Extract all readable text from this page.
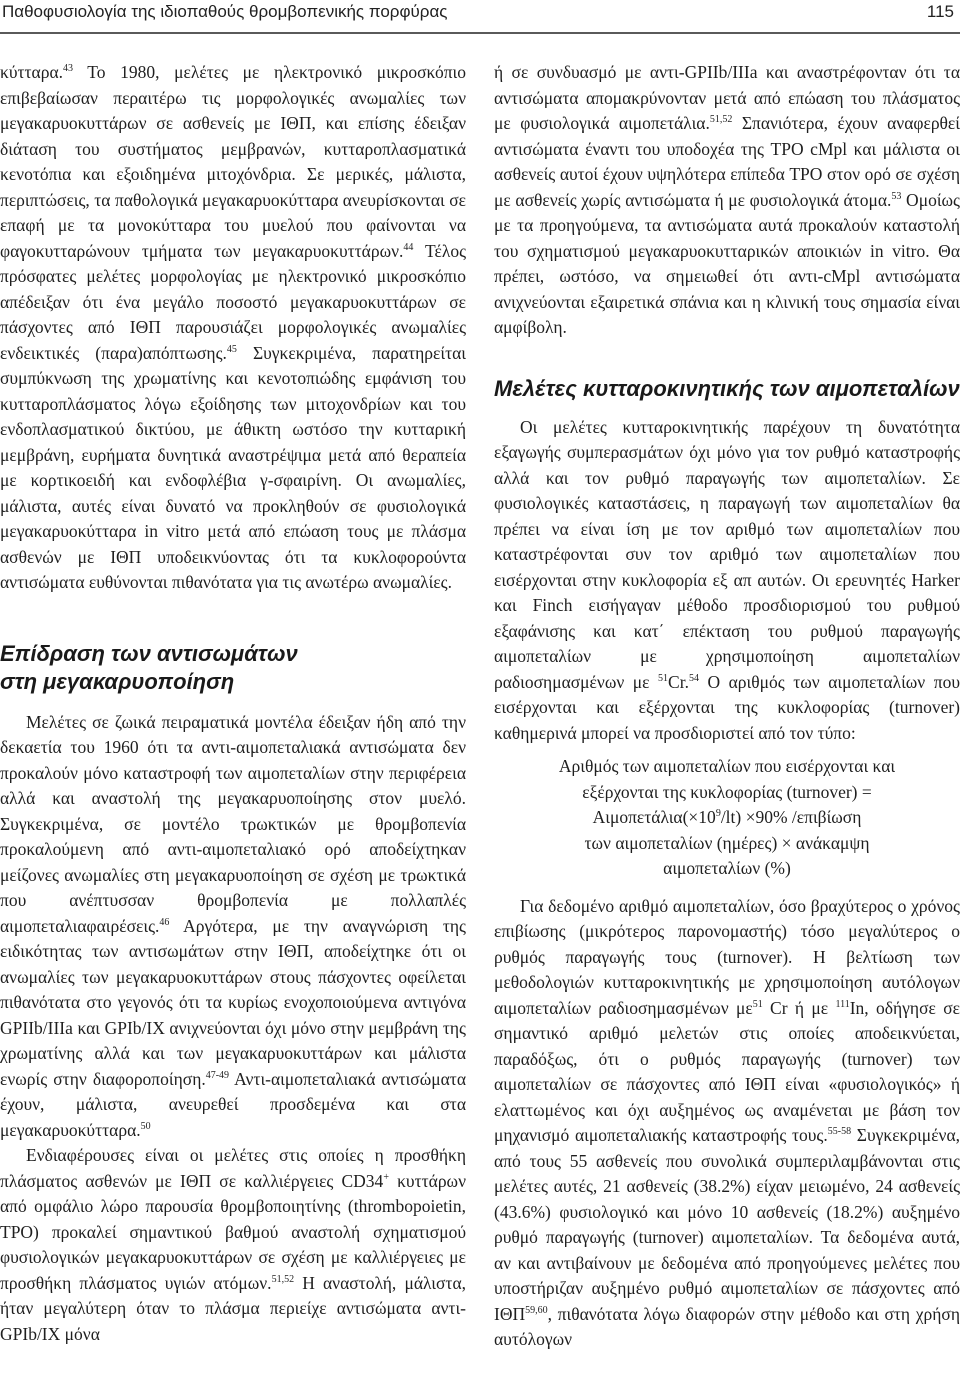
Παθοφυσιολογία της ιδιοπαθούς θρομβοπενικής πορφύρας	115

κύτταρα.$^{43}$ Το 1980, μελέτες με ηλεκτρονικό μικροσκόπιο επιβεβαίωσαν περαιτέρω τις μορφολογικές ανωμαλίες των μεγακαρυοκυττάρων σε ασθενείς με ΙΘΠ, και επίσης έδειξαν διάταση του συστήματος μεμβρανών, κυτταροπλασματικά κενοτόπια και εξοιδημένα μιτοχόνδρια. Σε μερικές, μάλιστα, περιπτώσεις, τα παθολογικά μεγακαρυοκύτταρα ανευρίσκονται σε επαφή με τα μονοκύτταρα του μυελού που φαίνονται να φαγοκυτταρώνουν τμήματα των μεγακαρυοκυττάρων.$^{44}$ Τέλος πρόσφατες μελέτες μορφολογίας με ηλεκτρονικό μικροσκόπιο απέδειξαν ότι ένα μεγάλο ποσοστό μεγακαρυοκυττάρων σε πάσχοντες από ΙΘΠ παρουσιάζει μορφολογικές ανωμαλίες ενδεικτικές (παρα)απόπτωσης.$^{45}$ Συγκεκριμένα, παρατηρείται συμπύκνωση της χρωματίνης και κενοτοπιώδης εμφάνιση του κυτταροπλάσματος λόγω εξοίδησης των μιτοχονδρίων και του ενδοπλασματικού δικτύου, με άθικτη ωστόσο την κυτταρική μεμβράνη, ευρήματα δυνητικά αναστρέψιμα μετά από θεραπεία με κορτικοειδή και ενδοφλέβια γ-σφαιρίνη. Οι ανωμαλίες, μάλιστα, αυτές είναι δυνατό να προκληθούν σε φυσιολογικά μεγακαρυοκύτταρα in vitro μετά από επώαση τους με πλάσμα ασθενών με ΙΘΠ υποδεικνύοντας ότι τα κυκλοφορούντα αντισώματα ευθύνονται πιθανότατα για τις ανωτέρω ανωμαλίες.

Επίδραση των αντισωμάτων
στη μεγακαρυοποίηση

Μελέτες σε ζωικά πειραματικά μοντέλα έδειξαν ήδη από την δεκαετία του 1960 ότι τα αντι-αιμοπεταλιακά αντισώματα δεν προκαλούν μόνο καταστροφή των αιμοπεταλίων στην περιφέρεια αλλά και αναστολή της μεγακαρυοποίησης στον μυελό. Συγκεκριμένα, σε μοντέλο τρωκτικών με θρομβοπενία προκαλούμενη από αντι-αιμοπεταλιακό ορό αποδείχτηκαν μείζονες ανωμαλίες στη μεγακαρυοποίηση σε σχέση με τρωκτικά που ανέπτυσσαν θρομβοπενία με πολλαπλές αιμοπεταλιαφαιρέσεις.$^{46}$ Αργότερα, με την αναγνώριση της ειδικότητας των αντισωμάτων στην ΙΘΠ, αποδείχτηκε ότι οι ανωμαλίες των μεγακαρυοκυττάρων στους πάσχοντες οφείλεται πιθανότατα στο γεγονός ότι τα κυρίως ενοχοποιούμενα αντιγόνα GPIIb/IIIa και GPIb/IX ανιχνεύονται όχι μόνο στην μεμβράνη της χρωματίνης αλλά και των μεγακαρυοκυττάρων και μάλιστα ενωρίς στην διαφοροποίηση.$^{47-49}$ Αντι-αιμοπεταλιακά αντισώματα έχουν, μάλιστα, ανευρεθεί προσδεμένα και στα μεγακαρυοκύτταρα.$^{50}$

Ενδιαφέρουσες είναι οι μελέτες στις οποίες η προσθήκη πλάσματος ασθενών με ΙΘΠ σε καλλιέργειες CD34+ κυττάρων από ομφάλιο λώρο παρουσία θρομβοποιητίνης (thrombopoietin, TPO) προκαλεί σημαντικού βαθμού αναστολή σχηματισμού φυσιολογικών μεγακαρυοκυττάρων σε σχέση με καλλιέργειες με προσθήκη πλάσματος υγιών ατόμων.$^{51,52}$ Η αναστολή, μάλιστα, ήταν μεγαλύτερη όταν το πλάσμα περιείχε αντισώματα αντι-GPIb/IX μόνα

ή σε συνδυασμό με αντι-GPIIb/IIIa και αναστρέφονταν ότι τα αντισώματα απομακρύνονταν μετά από επώαση του πλάσματος με φυσιολογικά αιμοπετάλια.$^{51,52}$ Σπανιότερα, έχουν αναφερθεί αντισώματα έναντι του υποδοχέα της TPO cMpl και μάλιστα οι ασθενείς αυτοί έχουν υψηλότερα επίπεδα TPO στον ορό σε σχέση με ασθενείς χωρίς αντισώματα ή με φυσιολογικά άτομα.$^{53}$ Ομοίως με τα προηγούμενα, τα αντισώματα αυτά προκαλούν καταστολή του σχηματισμού μεγακαρυοκυτταρικών αποικιών in vitro. Θα πρέπει, ωστόσο, να σημειωθεί ότι αντι-cMpl αντισώματα ανιχνεύονται εξαιρετικά σπάνια και η κλινική τους σημασία είναι αμφίβολη.

Μελέτες κυτταροκινητικής των αιμοπεταλίων

Οι μελέτες κυτταροκινητικής παρέχουν τη δυνατότητα εξαγωγής συμπερασμάτων όχι μόνο για τον ρυθμό καταστροφής αλλά και τον ρυθμό παραγωγής των αιμοπεταλίων. Σε φυσιολογικές καταστάσεις, η παραγωγή των αιμοπεταλίων θα πρέπει να είναι ίση με τον αριθμό των αιμοπεταλίων που καταστρέφονται συν τον αριθμό των αιμοπεταλίων που εισέρχονται στην κυκλοφορία εξ απ αυτών. Οι ερευνητές Harker και Finch εισήγαγαν μέθοδο προσδιορισμού του ρυθμού εξαφάνισης και κατ΄ επέκταση του ρυθμού παραγωγής αιμοπεταλίων με χρησιμοποίηση αιμοπεταλίων ραδιοσημασμένων με $^{51}$Cr.$^{54}$ Ο αριθμός των αιμοπεταλίων που εισέρχονται και εξέρχονται της κυκλοφορίας (turnover) καθημερινά μπορεί να προσδιοριστεί από τον τύπο:

Αριθμός των αιμοπεταλίων που εισέρχονται και
εξέρχονται της κυκλοφορίας (turnover) =
$A\iota\mu o\pi\varepsilon\tau ά\lambda\iota\alpha(\times 10^9/lt) \times 90\%$ /επιβίωση
των αιμοπεταλίων (ημέρες) × ανάκαμψη
αιμοπεταλίων (%)

Για δεδομένο αριθμό αιμοπεταλίων, όσο βραχύτερος ο χρόνος επιβίωσης (μικρότερος παρονομαστής) τόσο μεγαλύτερος ο ρυθμός παραγωγής τους (turnover). Η βελτίωση των μεθοδολογιών κυτταροκινητικής με χρησιμοποίηση αυτόλογων αιμοπεταλίων ραδιοσημασμένων $\mu\varepsilon^{51}$ Cr ή με $^{111}$In, οδήγησε σε σημαντικό αριθμό μελετών στις οποίες αποδεικνύεται, παραδόξως, ότι ο ρυθμός παραγωγής (turnover) των αιμοπεταλίων σε πάσχοντες από ΙΘΠ είναι «φυσιολογικός» ή ελαττωμένος και όχι αυξημένος ως αναμένεται με βάση τον μηχανισμό αιμοπεταλιακής καταστροφής τους.$^{55-58}$ Συγκεκριμένα, από τους 55 ασθενείς που συνολικά συμπεριλαμβάνονται στις μελέτες αυτές, 21 ασθενείς (38.2%) είχαν μειωμένο, 24 ασθενείς (43.6%) φυσιολογικό και μόνο 10 ασθενείς (18.2%) αυξημένο ρυθμό παραγωγής (turnover) αιμοπεταλίων. Τα δεδομένα αυτά, αν και αντιβαίνουν με δεδομένα από προηγούμενες μελέτες που υποστήριζαν αυξημένο ρυθμό αιμοπεταλίων σε πάσχοντες από ΙΘΠ$^{59,60}$, πιθανότατα λόγω διαφορών στην μέθοδο και στη χρήση αυτόλογων
